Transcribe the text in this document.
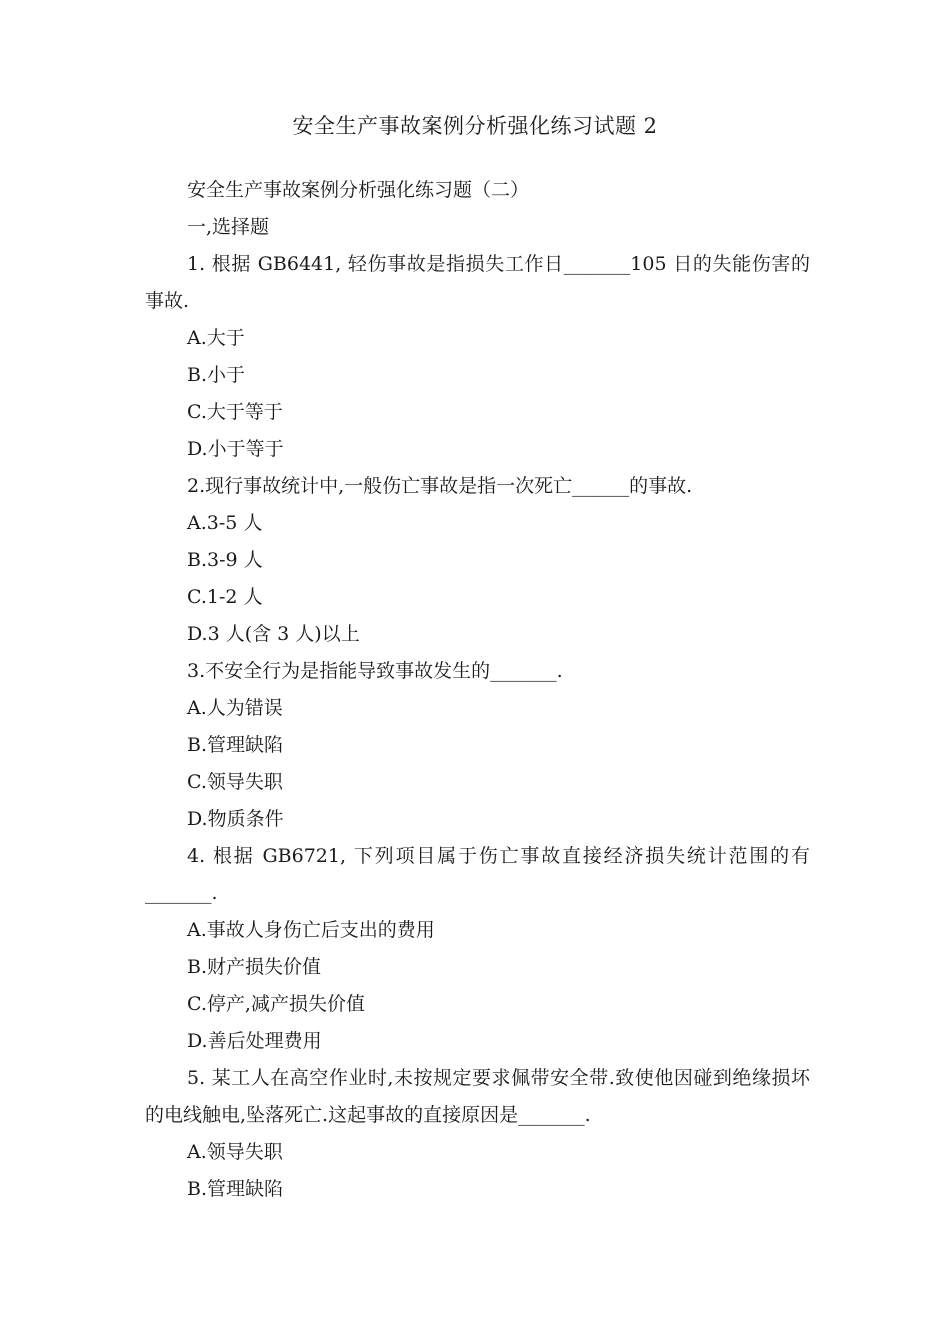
安全生产事故案例分析强化练习试题 2
安全生产事故案例分析强化练习题（二）
一,选择题
1. 根据 GB6441, 轻伤事故是指损失工作日_______105 日的失能伤害的事故.
A.大于
B.小于
C.大于等于
D.小于等于
2.现行事故统计中,一般伤亡事故是指一次死亡______的事故.
A.3-5 人
B.3-9 人
C.1-2 人
D.3 人(含 3 人)以上
3.不安全行为是指能导致事故发生的_______.
A.人为错误
B.管理缺陷
C.领导失职
D.物质条件
4. 根据 GB6721, 下列项目属于伤亡事故直接经济损失统计范围的有_______.
A.事故人身伤亡后支出的费用
B.财产损失价值
C.停产,减产损失价值
D.善后处理费用
5. 某工人在高空作业时,未按规定要求佩带安全带.致使他因碰到绝缘损坏的电线触电,坠落死亡.这起事故的直接原因是_______.
A.领导失职
B.管理缺陷
